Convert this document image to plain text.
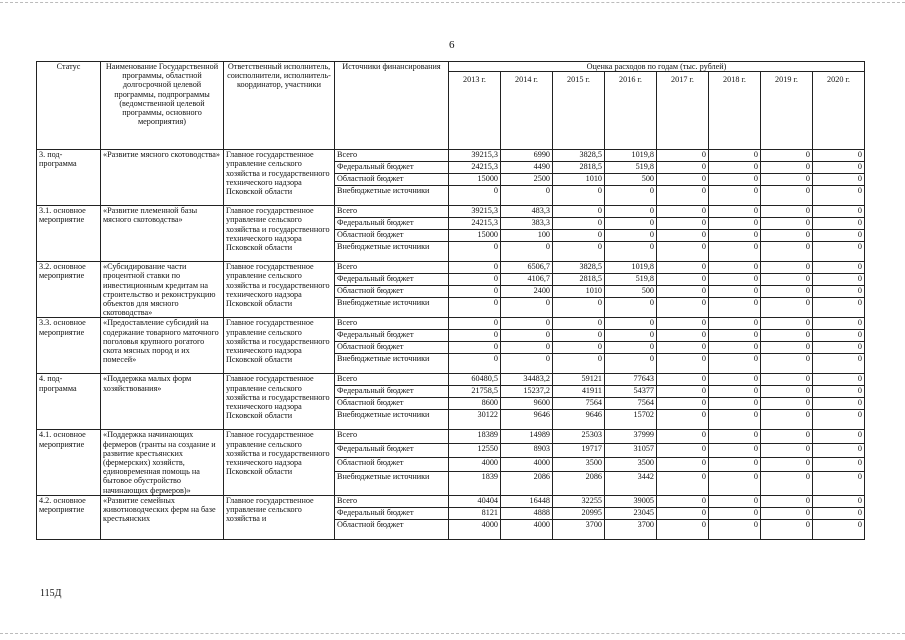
6
Статус	Наименование Государственной программы, областной долгосрочной целевой программы, подпрограммы (ведомственной целевой программы, основного мероприятия)	Ответственный исполнитель, соисполнители, исполнитель-координатор, участники	Источники финансирования	Оценка расходов по годам (тыс. рублей)							
				2013 г.	2014 г.	2015 г.	2016 г.	2017 г.	2018 г.	2019 г.	2020 г.
3. под-программа	«Развитие мясного скотоводства»	Главное государственное управление сельского хозяйства и государственного технического надзора Псковской области	Всего	39215,3	6990	3828,5	1019,8	0	0	0	0
			Федеральный бюджет	24215,3	4490	2818,5	519,8	0	0	0	0
			Областной бюджет	15000	2500	1010	500	0	0	0	0
			Внебюджетные источники	0	0	0	0	0	0	0	0
3.1. основное мероприятие	«Развитие племенной базы мясного скотоводства»	Главное государственное управление сельского хозяйства и государственного технического надзора Псковской области	Всего	39215,3	483,3	0	0	0	0	0	0
			Федеральный бюджет	24215,3	383,3	0	0	0	0	0	0
			Областной бюджет	15000	100	0	0	0	0	0	0
			Внебюджетные источники	0	0	0	0	0	0	0	0
3.2. основное мероприятие	«Субсидирование части процентной ставки по инвестиционным кредитам на строительство и реконструкцию объектов для мясного скотоводства»	Главное государственное управление сельского хозяйства и государственного технического надзора Псковской области	Всего	0	6506,7	3828,5	1019,8	0	0	0	0
			Федеральный бюджет	0	4106,7	2818,5	519,8	0	0	0	0
			Областной бюджет	0	2400	1010	500	0	0	0	0
			Внебюджетные источники	0	0	0	0	0	0	0	0
3.3. основное мероприятие	«Предоставление субсидий на содержание товарного маточного поголовья крупного рогатого скота мясных пород и их помесей»	Главное государственное управление сельского хозяйства и государственного технического надзора Псковской области	Всего	0	0	0	0	0	0	0	0
			Федеральный бюджет	0	0	0	0	0	0	0	0
			Областной бюджет	0	0	0	0	0	0	0	0
			Внебюджетные источники	0	0	0	0	0	0	0	0
4. под-программа	«Поддержка малых форм хозяйствования»	Главное государственное управление сельского хозяйства и государственного технического надзора Псковской области	Всего	60480,5	34483,2	59121	77643	0	0	0	0
			Федеральный бюджет	21758,5	15237,2	41911	54377	0	0	0	0
			Областной бюджет	8600	9600	7564	7564	0	0	0	0
			Внебюджетные источники	30122	9646	9646	15702	0	0	0	0
4.1. основное мероприятие	«Поддержка начинающих фермеров (гранты на создание и развитие крестьянских (фермерских) хозяйств, единовременная помощь на бытовое обустройство начинающих фермеров)»	Главное государственное управление сельского хозяйства и государственного технического надзора Псковской области	Всего	18389	14989	25303	37999	0	0	0	0
			Федеральный бюджет	12550	8903	19717	31057	0	0	0	0
			Областной бюджет	4000	4000	3500	3500	0	0	0	0
			Внебюджетные источники	1839	2086	2086	3442	0	0	0	0
4.2. основное мероприятие	«Развитие семейных животноводческих ферм на базе крестьянских	Главное государственное управление сельского хозяйства и	Всего	40404	16448	32255	39005	0	0	0	0
			Федеральный бюджет	8121	4888	20995	23045	0	0	0	0
			Областной бюджет	4000	4000	3700	3700	0	0	0	0
115Д
